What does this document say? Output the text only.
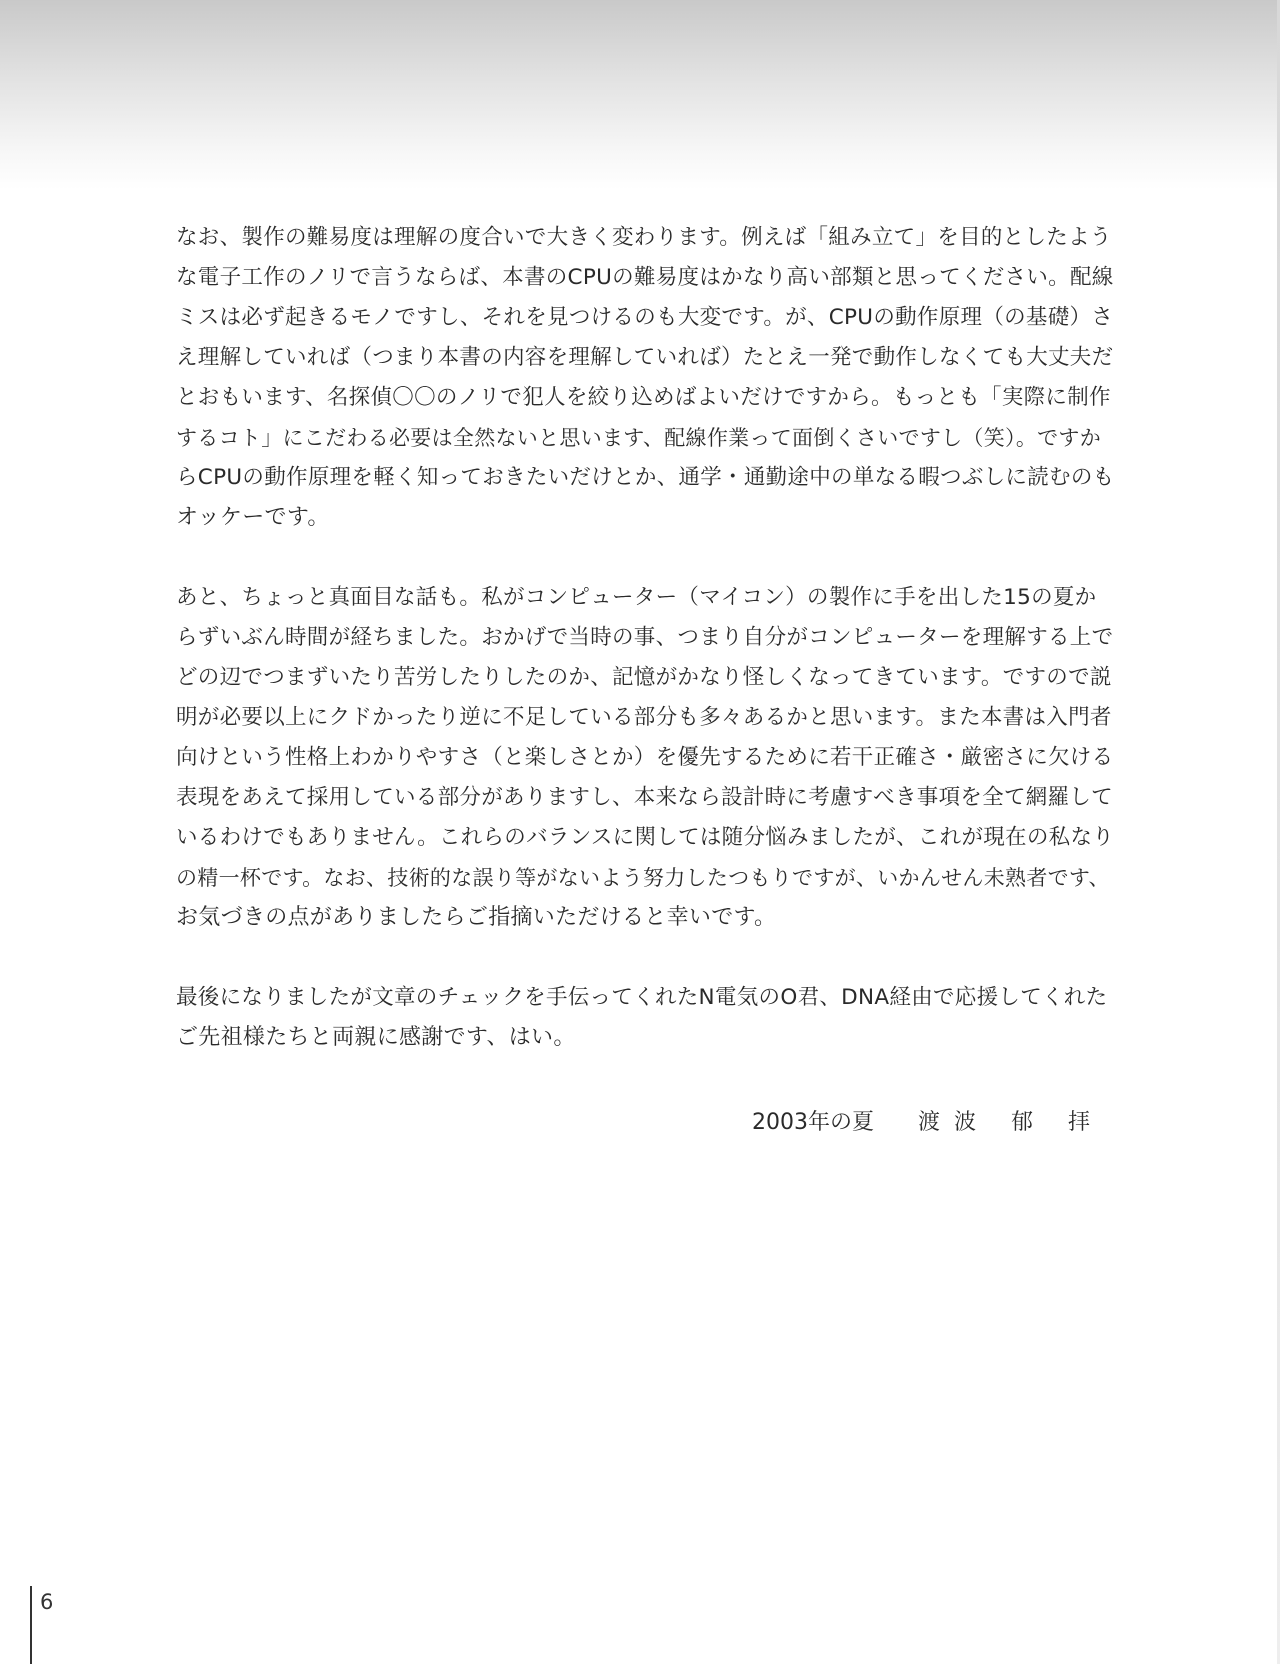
なお、製作の難易度は理解の度合いで大きく変わります。例えば「組み立て」を目的としたよう

な電子工作のノリで言うならば、本書のCPUの難易度はかなり高い部類と思ってください。配線

ミスは必ず起きるモノですし、それを見つけるのも大変です。が、CPUの動作原理（の基礎）さ

え理解していれば（つまり本書の内容を理解していれば）たとえ一発で動作しなくても大丈夫だ

とおもいます、名探偵〇〇のノリで犯人を絞り込めばよいだけですから。もっとも「実際に制作

するコト」にこだわる必要は全然ないと思います、配線作業って面倒くさいですし（笑）。ですか

らCPUの動作原理を軽く知っておきたいだけとか、通学・通勤途中の単なる暇つぶしに読むのも

オッケーです。

あと、ちょっと真面目な話も。私がコンピューター（マイコン）の製作に手を出した15の夏か

らずいぶん時間が経ちました。おかげで当時の事、つまり自分がコンピューターを理解する上で

どの辺でつまずいたり苦労したりしたのか、記憶がかなり怪しくなってきています。ですので説

明が必要以上にクドかったり逆に不足している部分も多々あるかと思います。また本書は入門者

向けという性格上わかりやすさ（と楽しさとか）を優先するために若干正確さ・厳密さに欠ける

表現をあえて採用している部分がありますし、本来なら設計時に考慮すべき事項を全て網羅して

いるわけでもありません。これらのバランスに関しては随分悩みましたが、これが現在の私なり

の精一杯です。なお、技術的な誤り等がないよう努力したつもりですが、いかんせん未熟者です、

お気づきの点がありましたらご指摘いただけると幸いです。

最後になりましたが文章のチェックを手伝ってくれたN電気のO君、DNA経由で応援してくれた

ご先祖様たちと両親に感謝です、はい。

2003年の夏 渡波 郁 拝
6
